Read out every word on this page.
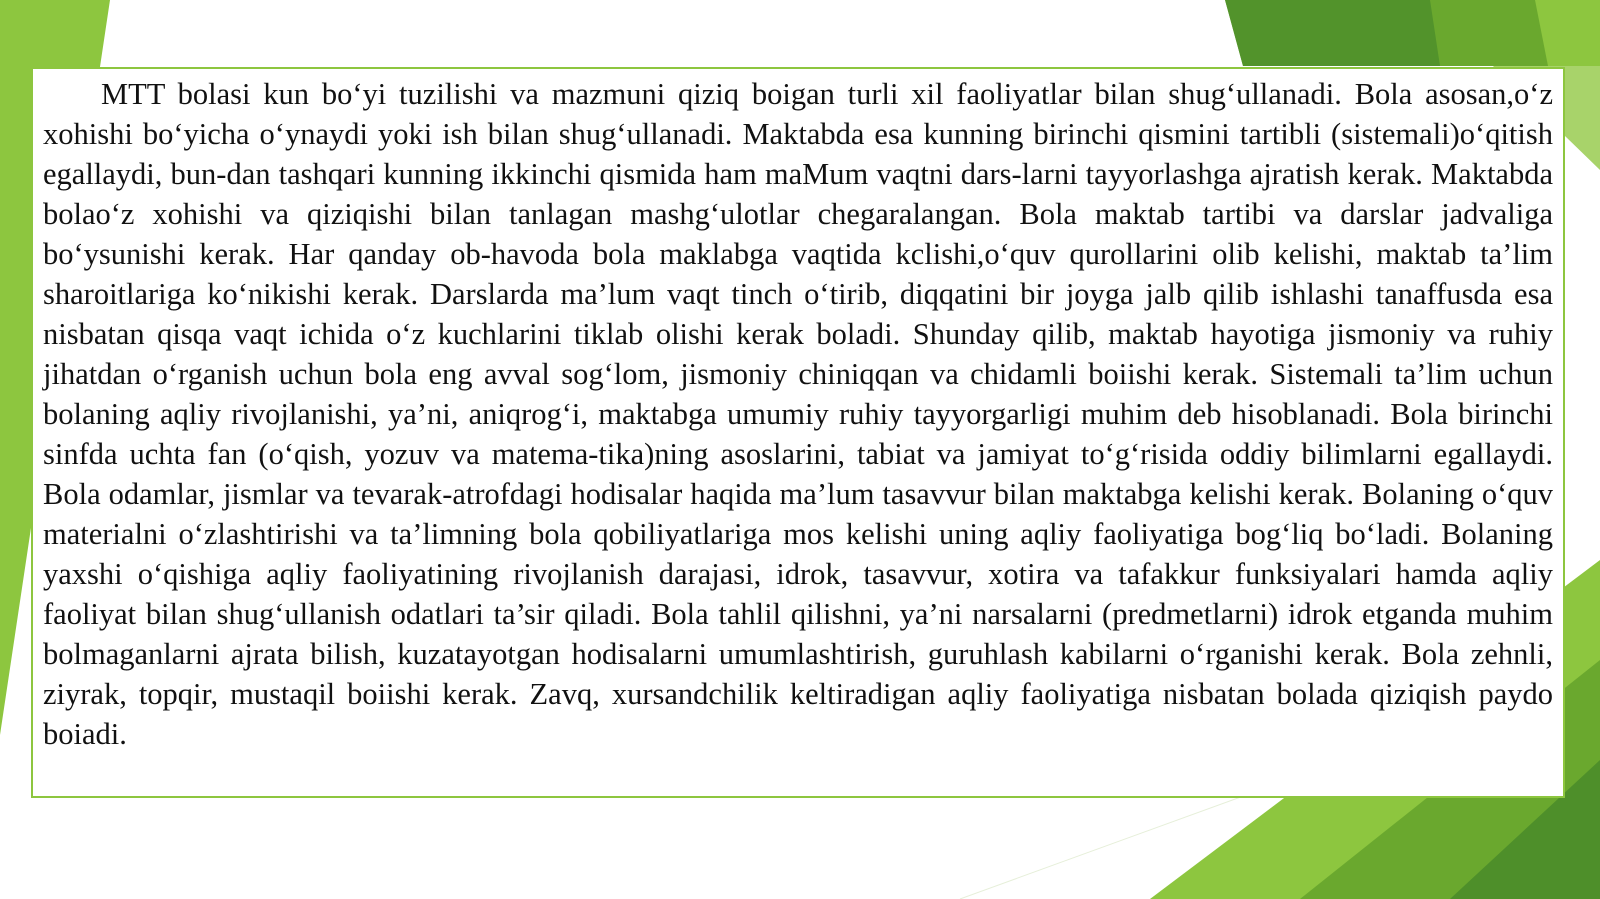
MTT bolasi kun boʻyi tuzilishi va mazmuni qiziq boigan turli xil faoliyatlar bilan shugʻullanadi. Bola asosan,oʻz xohishi boʻyicha oʻynaydi yoki ish bilan shugʻullanadi. Maktabda esa kunning birinchi qismini tartibli (sistemali)oʻqitish egallaydi, bun-dan tashqari kunning ikkinchi qismida ham maMum vaqtni dars-larni tayyorlashga ajratish kerak. Maktabda bolaoʻz xohishi va qiziqishi bilan tanlagan mashgʻulotlar chegaralangan. Bola maktab tartibi va darslar jadvaliga boʻysunishi kerak. Har qanday ob-havoda bola maklabga vaqtida kclishi,oʻquv qurollarini olib kelishi, maktab ta’lim sharoitlariga koʻnikishi kerak. Darslarda ma’lum vaqt tinch oʻtirib, diqqatini bir joyga jalb qilib ishlashi tanaffusda esa nisbatan qisqa vaqt ichida oʻz kuchlarini tiklab olishi kerak boladi. Shunday qilib, maktab hayotiga jismoniy va ruhiy jihatdan oʻrganish uchun bola eng avval sogʻlom, jismoniy chiniqqan va chidamli boiishi kerak. Sistemali ta’lim uchun bolaning aqliy rivojlanishi, ya’ni, aniqrogʻi, maktabga umumiy ruhiy tayyorgarligi muhim deb hisoblanadi. Bola birinchi sinfda uchta fan (oʻqish, yozuv va matema-tika)ning asoslarini, tabiat va jamiyat toʻgʻrisida oddiy bilimlarni egallaydi. Bola odamlar, jismlar va tevarak-atrofdagi hodisalar haqida ma’lum tasavvur bilan maktabga kelishi kerak. Bolaning oʻquv materialni oʻzlashtirishi va ta’limning bola qobiliyatlariga mos kelishi uning aqliy faoliyatiga bogʻliq boʻladi. Bolaning yaxshi oʻqishiga aqliy faoliyatining rivojlanish darajasi, idrok, tasavvur, xotira va tafakkur funksiyalari hamda aqliy faoliyat bilan shugʻullanish odatlari ta’sir qiladi. Bola tahlil qilishni, ya’ni narsalarni (predmetlarni) idrok etganda muhim bolmaganlarni ajrata bilish, kuzatayotgan hodisalarni umumlashtirish, guruhlash kabilarni oʻrganishi kerak. Bola zehnli, ziyrak, topqir, mustaqil boiishi kerak. Zavq, xursandchilik keltiradigan aqliy faoliyatiga nisbatan bolada qiziqish paydo boiadi.
